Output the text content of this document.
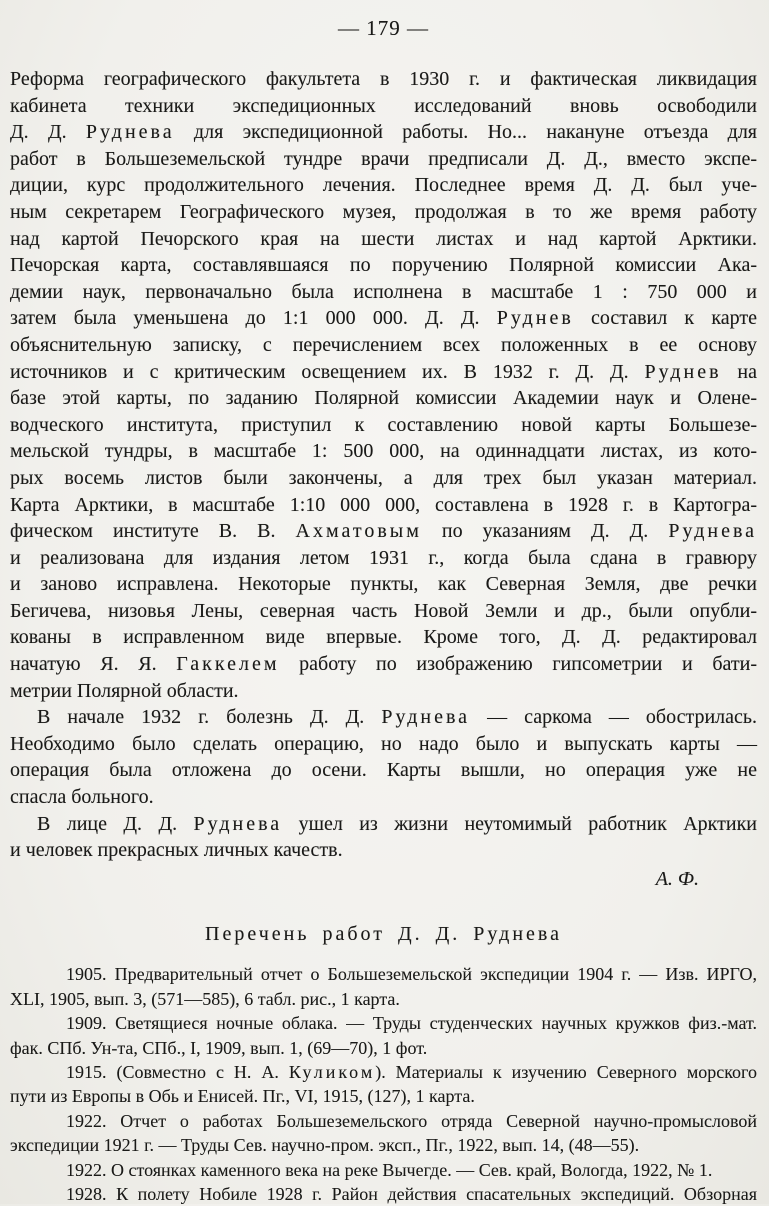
— 179 —
Реформа географического факультета в 1930 г. и фактическая ликвидация
кабинета техники экспедиционных исследований вновь освободили
Д. Д. Руднева для экспедиционной работы. Но... накануне отъезда для
работ в Большеземельской тундре врачи предписали Д. Д., вместо экспе-
диции, курс продолжительного лечения. Последнее время Д. Д. был уче-
ным секретарем Географического музея, продолжая в то же время работу
над картой Печорского края на шести листах и над картой Арктики.
Печорская карта, составлявшаяся по поручению Полярной комиссии Ака-
демии наук, первоначально была исполнена в масштабе 1 : 750 000 и
затем была уменьшена до 1:1 000 000. Д. Д. Руднев составил к карте
объяснительную записку, с перечислением всех положенных в ее основу
источников и с критическим освещением их. В 1932 г. Д. Д. Руднев на
базе этой карты, по заданию Полярной комиссии Академии наук и Олене-
водческого института, приступил к составлению новой карты Большезе-
мельской тундры, в масштабе 1: 500 000, на одиннадцати листах, из кото-
рых восемь листов были закончены, а для трех был указан материал.
Карта Арктики, в масштабе 1:10 000 000, составлена в 1928 г. в Картогра-
фическом институте В. В. Ахматовым по указаниям Д. Д. Руднева
и реализована для издания летом 1931 г., когда была сдана в гравюру
и заново исправлена. Некоторые пункты, как Северная Земля, две речки
Бегичева, низовья Лены, северная часть Новой Земли и др., были опубли-
кованы в исправленном виде впервые. Кроме того, Д. Д. редактировал
начатую Я. Я. Гаккелем работу по изображению гипсометрии и бати-
метрии Полярной области.
В начале 1932 г. болезнь Д. Д. Руднева — саркома — обострилась.
Необходимо было сделать операцию, но надо было и выпускать карты —
операция была отложена до осени. Карты вышли, но операция уже не
спасла больного.
В лице Д. Д. Руднева ушел из жизни неутомимый работник Арктики
и человек прекрасных личных качеств.
А. Ф.
Перечень работ Д. Д. Руднева
1905. Предварительный отчет о Большеземельской экспедиции 1904 г. — Изв. ИРГО,
XLI, 1905, вып. 3, (571—585), 6 табл. рис., 1 карта.
1909. Светящиеся ночные облака. — Труды студенческих научных кружков физ.-мат.
фак. СПб. Ун-та, СПб., I, 1909, вып. 1, (69—70), 1 фот.
1915. (Совместно с Н. А. Куликом). Материалы к изучению Северного морского
пути из Европы в Обь и Енисей. Пг., VI, 1915, (127), 1 карта.
1922. Отчет о работах Большеземельского отряда Северной научно-промысловой
экспедиции 1921 г. — Труды Сев. научно-пром. эксп., Пг., 1922, вып. 14, (48—55).
1922. О стоянках каменного века на реке Вычегде. — Сев. край, Вологда, 1922, № 1.
1928. К полету Нобиле 1928 г. Район действия спасательных экспедиций. Обзорная
